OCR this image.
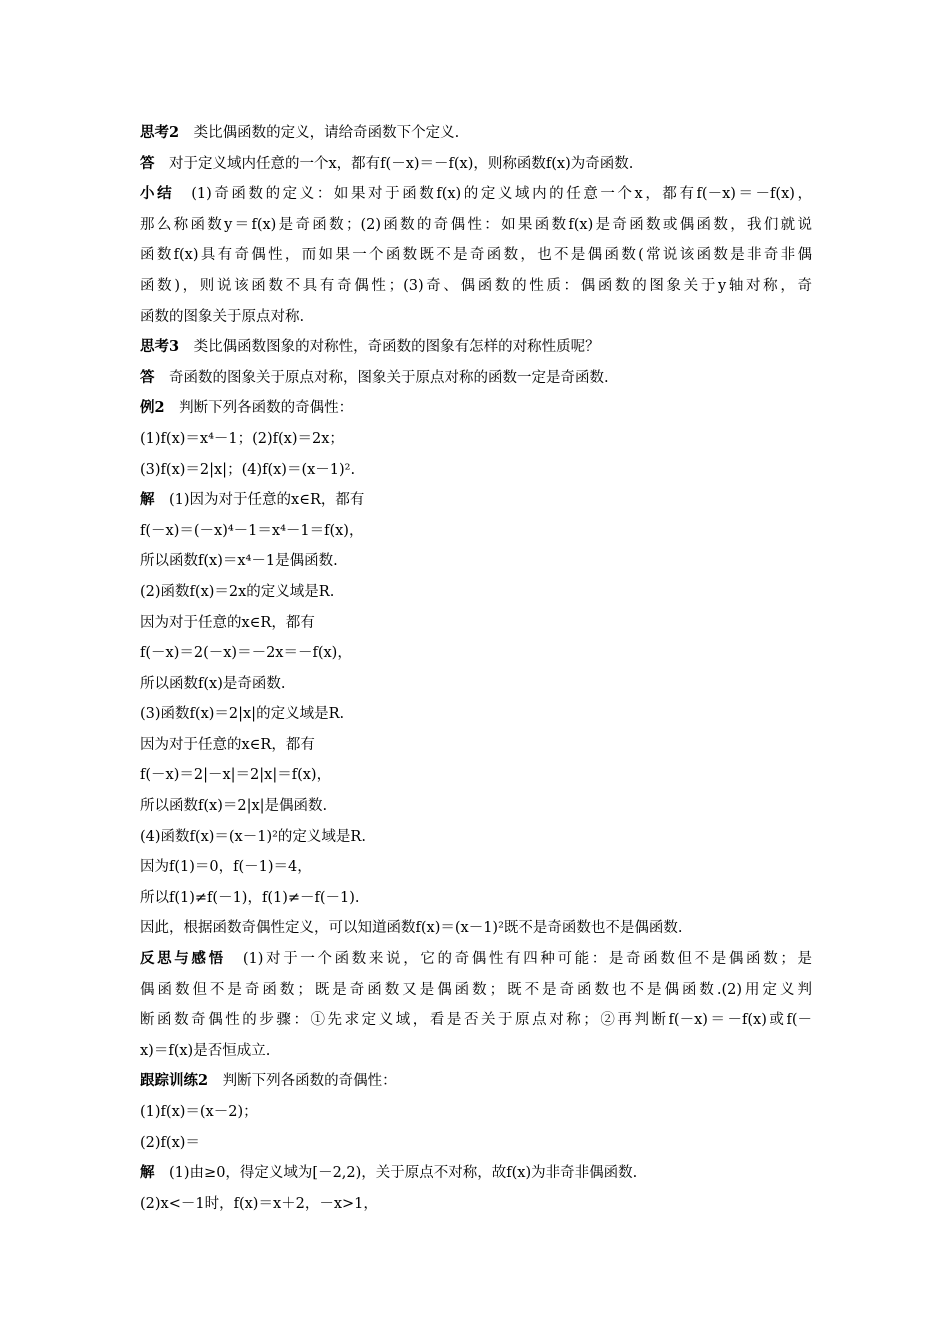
思考2　类比偶函数的定义，请给奇函数下个定义.
答　对于定义域内任意的一个x，都有f(－x)＝－f(x)，则称函数f(x)为奇函数.
小结　(1)奇函数的定义：如果对于函数f(x)的定义域内的任意一个x，都有f(－x)＝－f(x)，
那么称函数y＝f(x)是奇函数；(2)函数的奇偶性：如果函数f(x)是奇函数或偶函数，我们就说
函数f(x)具有奇偶性，而如果一个函数既不是奇函数，也不是偶函数(常说该函数是非奇非偶
函数)，则说该函数不具有奇偶性；(3)奇、偶函数的性质：偶函数的图象关于y轴对称，奇
函数的图象关于原点对称.
思考3　类比偶函数图象的对称性，奇函数的图象有怎样的对称性质呢？
答　奇函数的图象关于原点对称，图象关于原点对称的函数一定是奇函数.
例2　判断下列各函数的奇偶性：
(1)f(x)＝x⁴－1；(2)f(x)＝2x；
(3)f(x)＝2|x|；(4)f(x)＝(x－1)².
解　(1)因为对于任意的x∈R，都有
f(－x)＝(－x)⁴－1＝x⁴－1＝f(x)，
所以函数f(x)＝x⁴－1是偶函数.
(2)函数f(x)＝2x的定义域是R.
因为对于任意的x∈R，都有
f(－x)＝2(－x)＝－2x＝－f(x)，
所以函数f(x)是奇函数.
(3)函数f(x)＝2|x|的定义域是R.
因为对于任意的x∈R，都有
f(－x)＝2|－x|＝2|x|＝f(x)，
所以函数f(x)＝2|x|是偶函数.
(4)函数f(x)＝(x－1)²的定义域是R.
因为f(1)＝0，f(－1)＝4，
所以f(1)≠f(－1)，f(1)≠－f(－1).
因此，根据函数奇偶性定义，可以知道函数f(x)＝(x－1)²既不是奇函数也不是偶函数.
反思与感悟　(1)对于一个函数来说，它的奇偶性有四种可能：是奇函数但不是偶函数；是
偶函数但不是奇函数；既是奇函数又是偶函数；既不是奇函数也不是偶函数.(2)用定义判
断函数奇偶性的步骤：①先求定义域，看是否关于原点对称；②再判断f(－x)＝－f(x)或f(－
x)＝f(x)是否恒成立.
跟踪训练2　判断下列各函数的奇偶性：
(1)f(x)＝(x－2)；
(2)f(x)＝
解　(1)由≥0，得定义域为[－2,2)，关于原点不对称，故f(x)为非奇非偶函数.
(2)x<－1时，f(x)＝x＋2，－x>1，
